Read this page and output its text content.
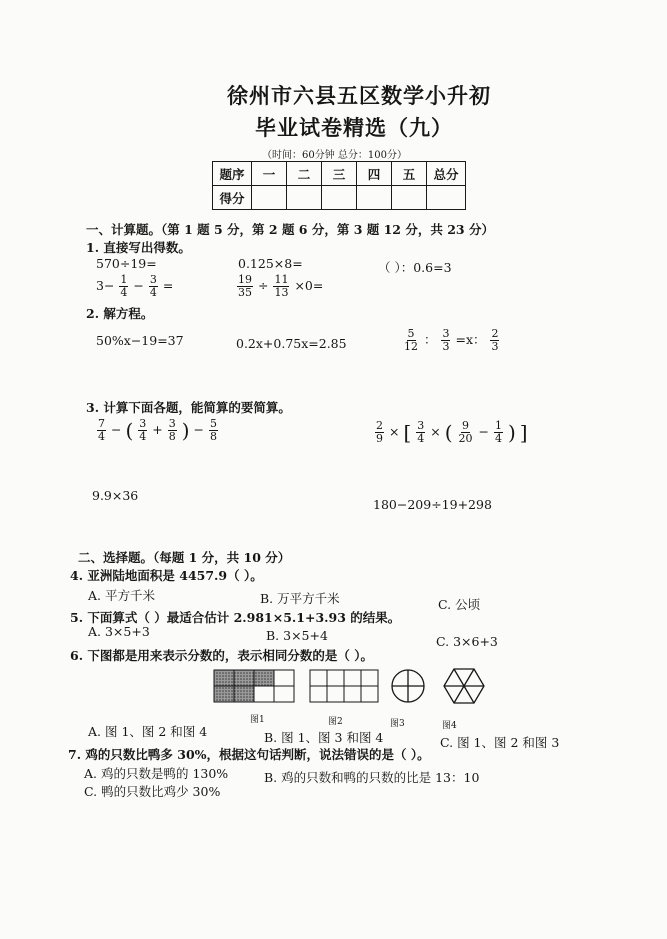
徐州市六县五区数学小升初
毕业试卷精选（九）
（时间：60分钟 总分：100分）
题序	一	二	三	四	五	总分
得分						
一、计算题。（第 1 题 5 分，第 2 题 6 分，第 3 题 12 分，共 23 分）
1. 直接写出得数。
570÷19=	0.125×8=	（ ）：0.6=3
$3- \frac{1}{4} - \frac{3}{4}$ =	$\frac{19}{35} \div \frac{11}{13} \times 0=$
2. 解方程。
50%x−19=37	0.2x+0.75x=2.85	$\frac{5}{12}$ ： $\frac{3}{3} =x$： $\frac{2}{3}$
3. 计算下面各题，能简算的要简算。
$\frac{7}{4}$ − ( $\frac{3}{4} + \frac{3}{8}$ ) − $\frac{5}{8}$	$\frac{2}{9}$ × [ $\frac{3}{4}$ × ( $\frac{9}{20} - \frac{1}{4}$ ) ]
9.9×36
180−209÷19+298
二、选择题。（每题 1 分，共 10 分）
4. 亚洲陆地面积是 4457.9（ ）。
A. 平方千米	B. 万平方千米	C. 公顷
5. 下面算式（ ）最适合估计 2.981×5.1+3.93 的结果。
A. 3×5+3	B. 3×5+4	C. 3×6+3
6. 下图都是用来表示分数的，表示相同分数的是（ ）。
图1	图2	图3	图4
A. 图 1、图 2 和图 4	B. 图 1、图 3 和图 4	C. 图 1、图 2 和图 3
7. 鸡的只数比鸭多 30%，根据这句话判断，说法错误的是（ ）。
A. 鸡的只数是鸭的 130%	B. 鸡的只数和鸭的只数的比是 13：10
C. 鸭的只数比鸡少 30%
